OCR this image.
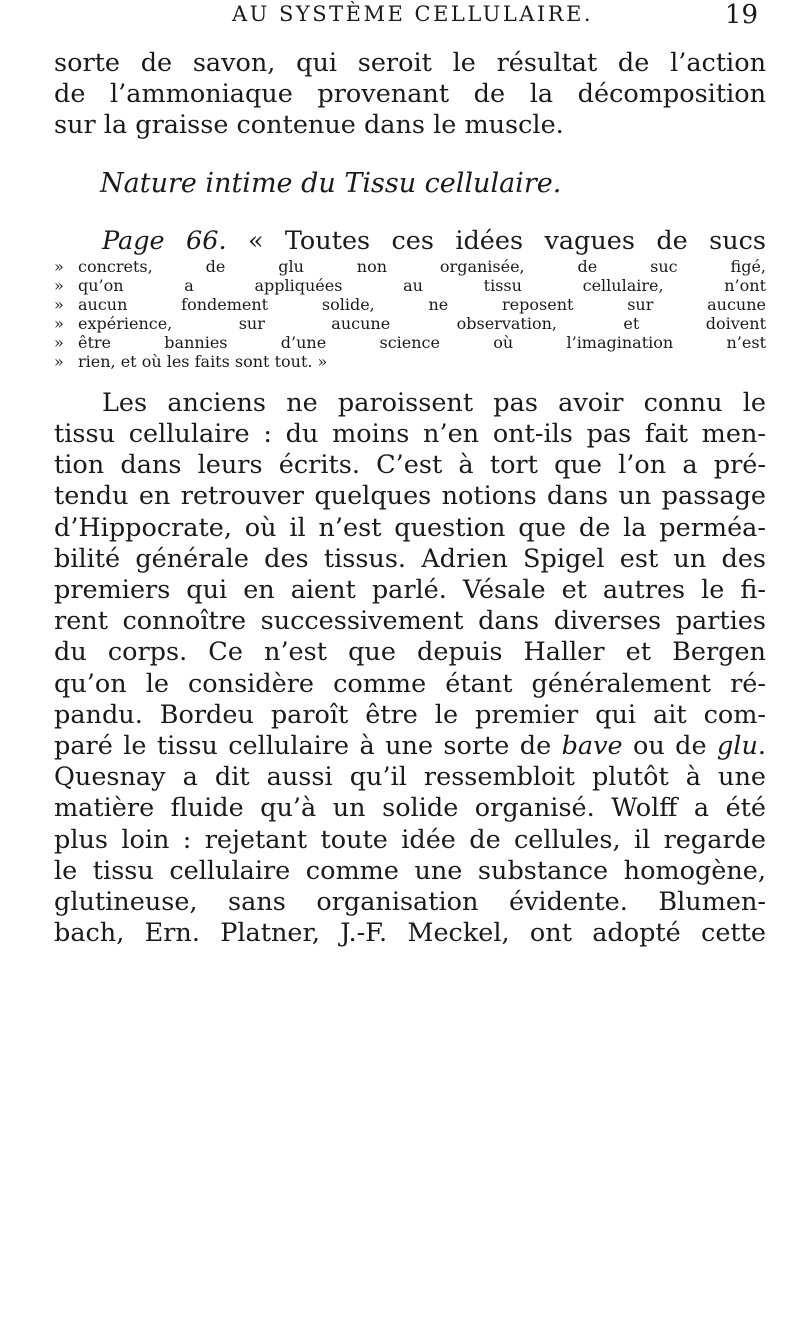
AU SYSTÈME CELLULAIRE.	19
sorte de savon, qui seroit le résultat de l’action
de l’ammoniaque provenant de la décomposition
sur la graisse contenue dans le muscle.
Nature intime du Tissu cellulaire.
Page 66. « Toutes ces idées vagues de sucs
» concrets, de glu non organisée, de suc figé,
» qu’on a appliquées au tissu cellulaire, n’ont
» aucun fondement solide, ne reposent sur aucune
» expérience, sur aucune observation, et doivent
» être bannies d’une science où l’imagination n’est
» rien, et où les faits sont tout. »
Les anciens ne paroissent pas avoir connu le
tissu cellulaire : du moins n’en ont-ils pas fait men-
tion dans leurs écrits. C’est à tort que l’on a pré-
tendu en retrouver quelques notions dans un passage
d’Hippocrate, où il n’est question que de la perméa-
bilité générale des tissus. Adrien Spigel est un des
premiers qui en aient parlé. Vésale et autres le fi-
rent connoître successivement dans diverses parties
du corps. Ce n’est que depuis Haller et Bergen
qu’on le considère comme étant généralement ré-
pandu. Bordeu paroît être le premier qui ait com-
paré le tissu cellulaire à une sorte de bave ou de glu.
Quesnay a dit aussi qu’il ressembloit plutôt à une
matière fluide qu’à un solide organisé. Wolff a été
plus loin : rejetant toute idée de cellules, il regarde
le tissu cellulaire comme une substance homogène,
glutineuse, sans organisation évidente. Blumen-
bach, Ern. Platner, J.-F. Meckel, ont adopté cette
